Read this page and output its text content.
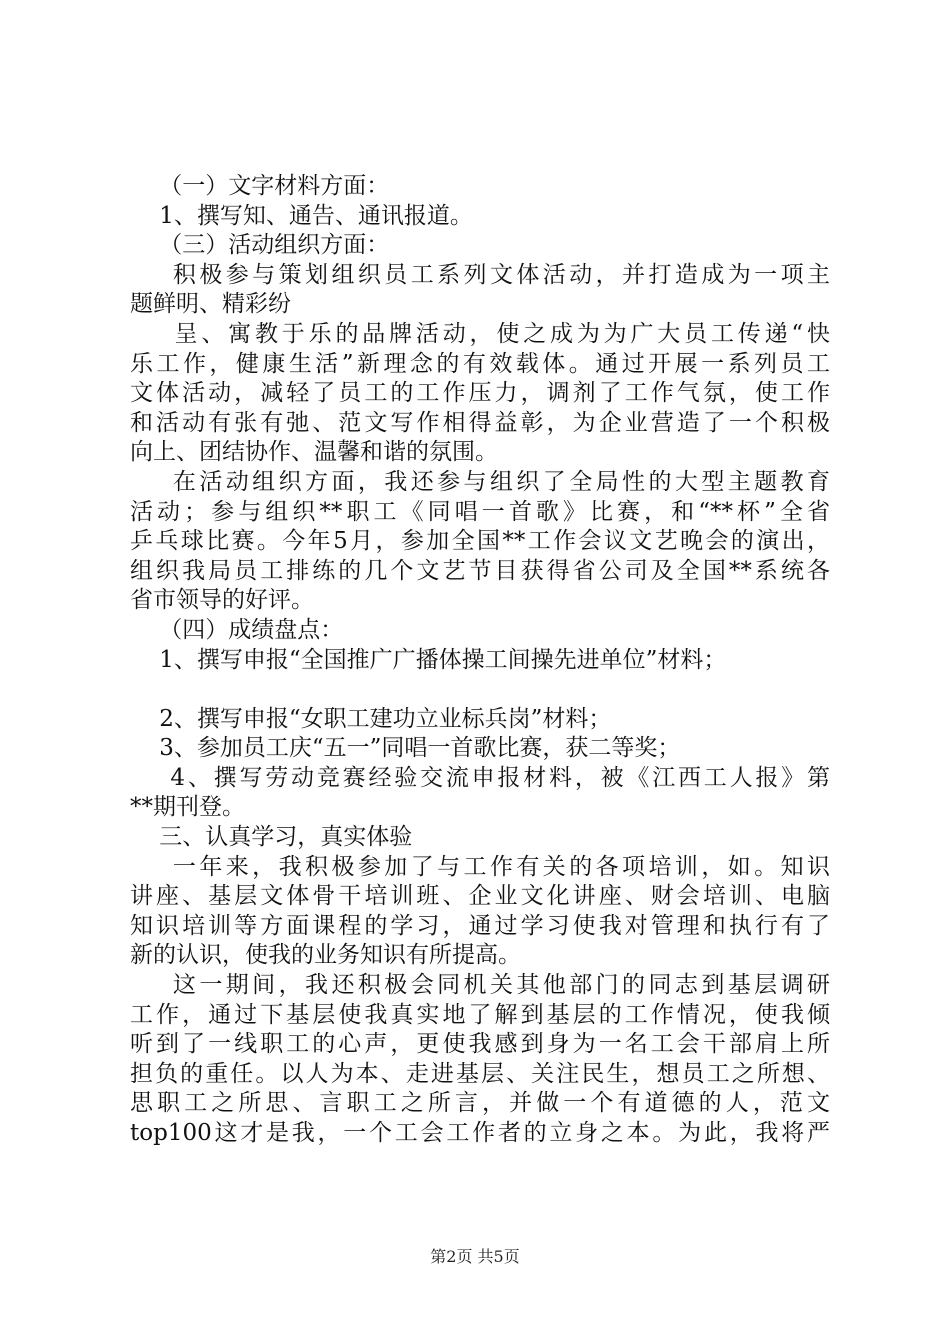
（一）文字材料方面：
1、撰写知、通告、通讯报道。
（三）活动组织方面：
积极参与策划组织员工系列文体活动，并打造成为一项主
题鲜明、精彩纷
呈、寓教于乐的品牌活动，使之成为为广大员工传递“快
乐工作，健康生活”新理念的有效载体。通过开展一系列员工
文体活动，减轻了员工的工作压力，调剂了工作气氛，使工作
和活动有张有弛、范文写作相得益彰，为企业营造了一个积极
向上、团结协作、温馨和谐的氛围。
在活动组织方面，我还参与组织了全局性的大型主题教育
活动；参与组织**职工《同唱一首歌》比赛，和“**杯”全省
乒乓球比赛。今年5月，参加全国**工作会议文艺晚会的演出，
组织我局员工排练的几个文艺节目获得省公司及全国**系统各
省市领导的好评。
（四）成绩盘点：
1、撰写申报“全国推广广播体操工间操先进单位”材料；
2、撰写申报“女职工建功立业标兵岗”材料；
3、参加员工庆“五一”同唱一首歌比赛，获二等奖；
4、撰写劳动竞赛经验交流申报材料，被《江西工人报》第
**期刊登。
三、认真学习，真实体验
一年来，我积极参加了与工作有关的各项培训，如。知识
讲座、基层文体骨干培训班、企业文化讲座、财会培训、电脑
知识培训等方面课程的学习，通过学习使我对管理和执行有了
新的认识，使我的业务知识有所提高。
这一期间，我还积极会同机关其他部门的同志到基层调研
工作，通过下基层使我真实地了解到基层的工作情况，使我倾
听到了一线职工的心声，更使我感到身为一名工会干部肩上所
担负的重任。以人为本、走进基层、关注民生，想员工之所想、
思职工之所思、言职工之所言，并做一个有道德的人，范文
top100这才是我，一个工会工作者的立身之本。为此，我将严
第2页 共5页
